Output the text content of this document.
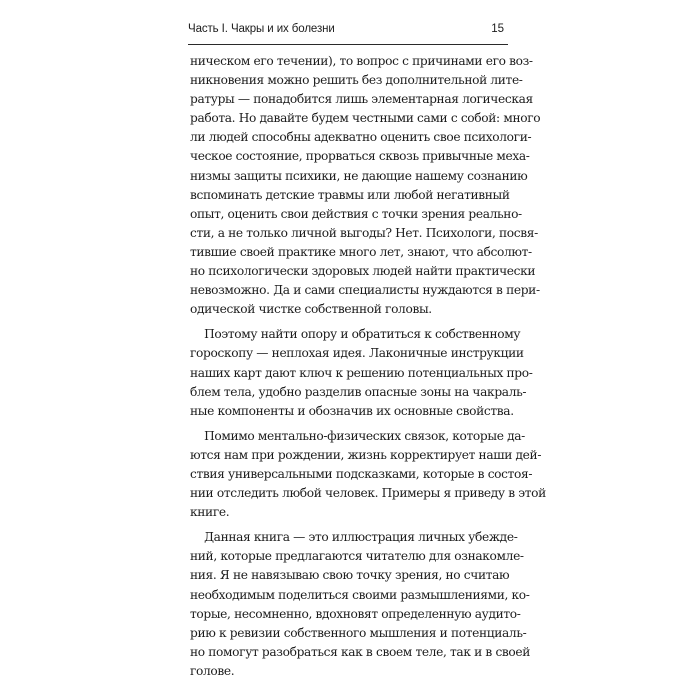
Часть I. Чакры и их болезни	15
ническом его течении), то вопрос с причинами его воз-
никновения можно решить без дополнительной лите-
ратуры — понадобится лишь элементарная логическая
работа. Но давайте будем честными сами с собой: много
ли людей способны адекватно оценить свое психологи-
ческое состояние, прорваться сквозь привычные меха-
низмы защиты психики, не дающие нашему сознанию
вспоминать детские травмы или любой негативный
опыт, оценить свои действия с точки зрения реально-
сти, а не только личной выгоды? Нет. Психологи, посвя-
тившие своей практике много лет, знают, что абсолют-
но психологически здоровых людей найти практически
невозможно. Да и сами специалисты нуждаются в пери-
одической чистке собственной головы.
Поэтому найти опору и обратиться к собственному
гороскопу — неплохая идея. Лаконичные инструкции
наших карт дают ключ к решению потенциальных про-
блем тела, удобно разделив опасные зоны на чакраль-
ные компоненты и обозначив их основные свойства.
Помимо ментально-физических связок, которые да-
ются нам при рождении, жизнь корректирует наши дей-
ствия универсальными подсказками, которые в состоя-
нии отследить любой человек. Примеры я приведу в этой
книге.
Данная книга — это иллюстрация личных убежде-
ний, которые предлагаются читателю для ознакомле-
ния. Я не навязываю свою точку зрения, но считаю
необходимым поделиться своими размышлениями, ко-
торые, несомненно, вдохновят определенную аудито-
рию к ревизии собственного мышления и потенциаль-
но помогут разобраться как в своем теле, так и в своей
голове.
